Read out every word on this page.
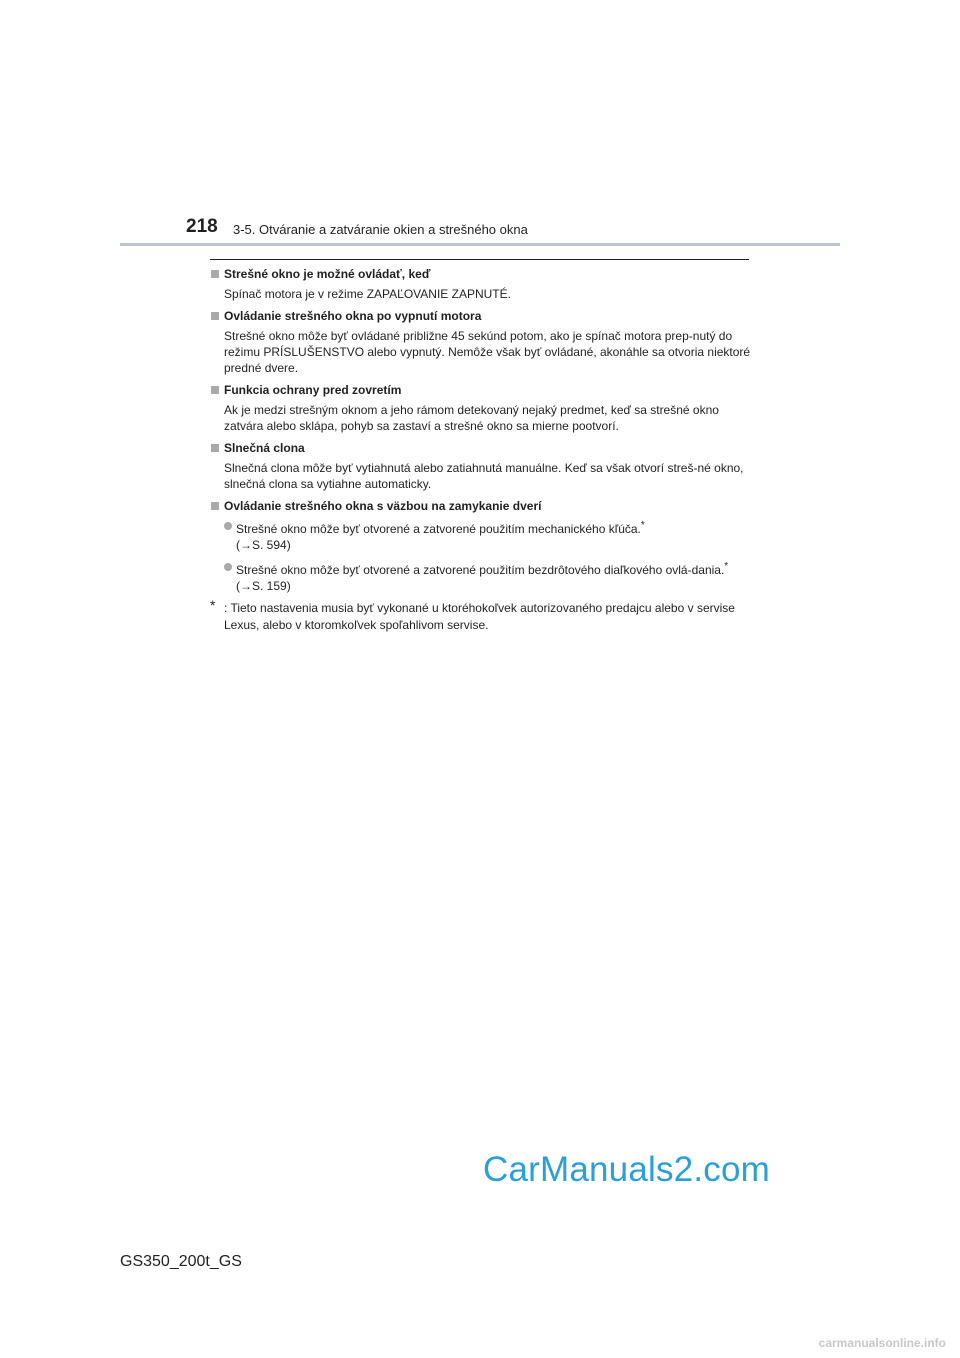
218 3-5. Otváranie a zatváranie okien a strešného okna
Strešné okno je možné ovládať, keď
Spínač motora je v režime ZAPAĽOVANIE ZAPNUTÉ.
Ovládanie strešného okna po vypnutí motora
Strešné okno môže byť ovládané približne 45 sekúnd potom, ako je spínač motora prep-nutý do režimu PRÍSLUŠENSTVO alebo vypnutý. Nemôže však byť ovládané, akonáhle sa otvoria niektoré predné dvere.
Funkcia ochrany pred zovretím
Ak je medzi strešným oknom a jeho rámom detekovaný nejaký predmet, keď sa strešné okno zatvára alebo sklápa, pohyb sa zastaví a strešné okno sa mierne pootvorí.
Slnečná clona
Slnečná clona môže byť vytiahnutá alebo zatiahnutá manuálne. Keď sa však otvorí streš-né okno, slnečná clona sa vytiahne automaticky.
Ovládanie strešného okna s väzbou na zamykanie dverí
Strešné okno môže byť otvorené a zatvorené použitím mechanického kľúča.*
(→S. 594)
Strešné okno môže byť otvorené a zatvorené použitím bezdrôtového diaľkového ovlá-dania.* (→S. 159)
* : Tieto nastavenia musia byť vykonané u ktoréhokoľvek autorizovaného predajcu alebo v servise Lexus, alebo v ktoromkoľvek spoľahlivom servise.
CarManuals2.com
GS350_200t_GS
carmanualsonline.info
